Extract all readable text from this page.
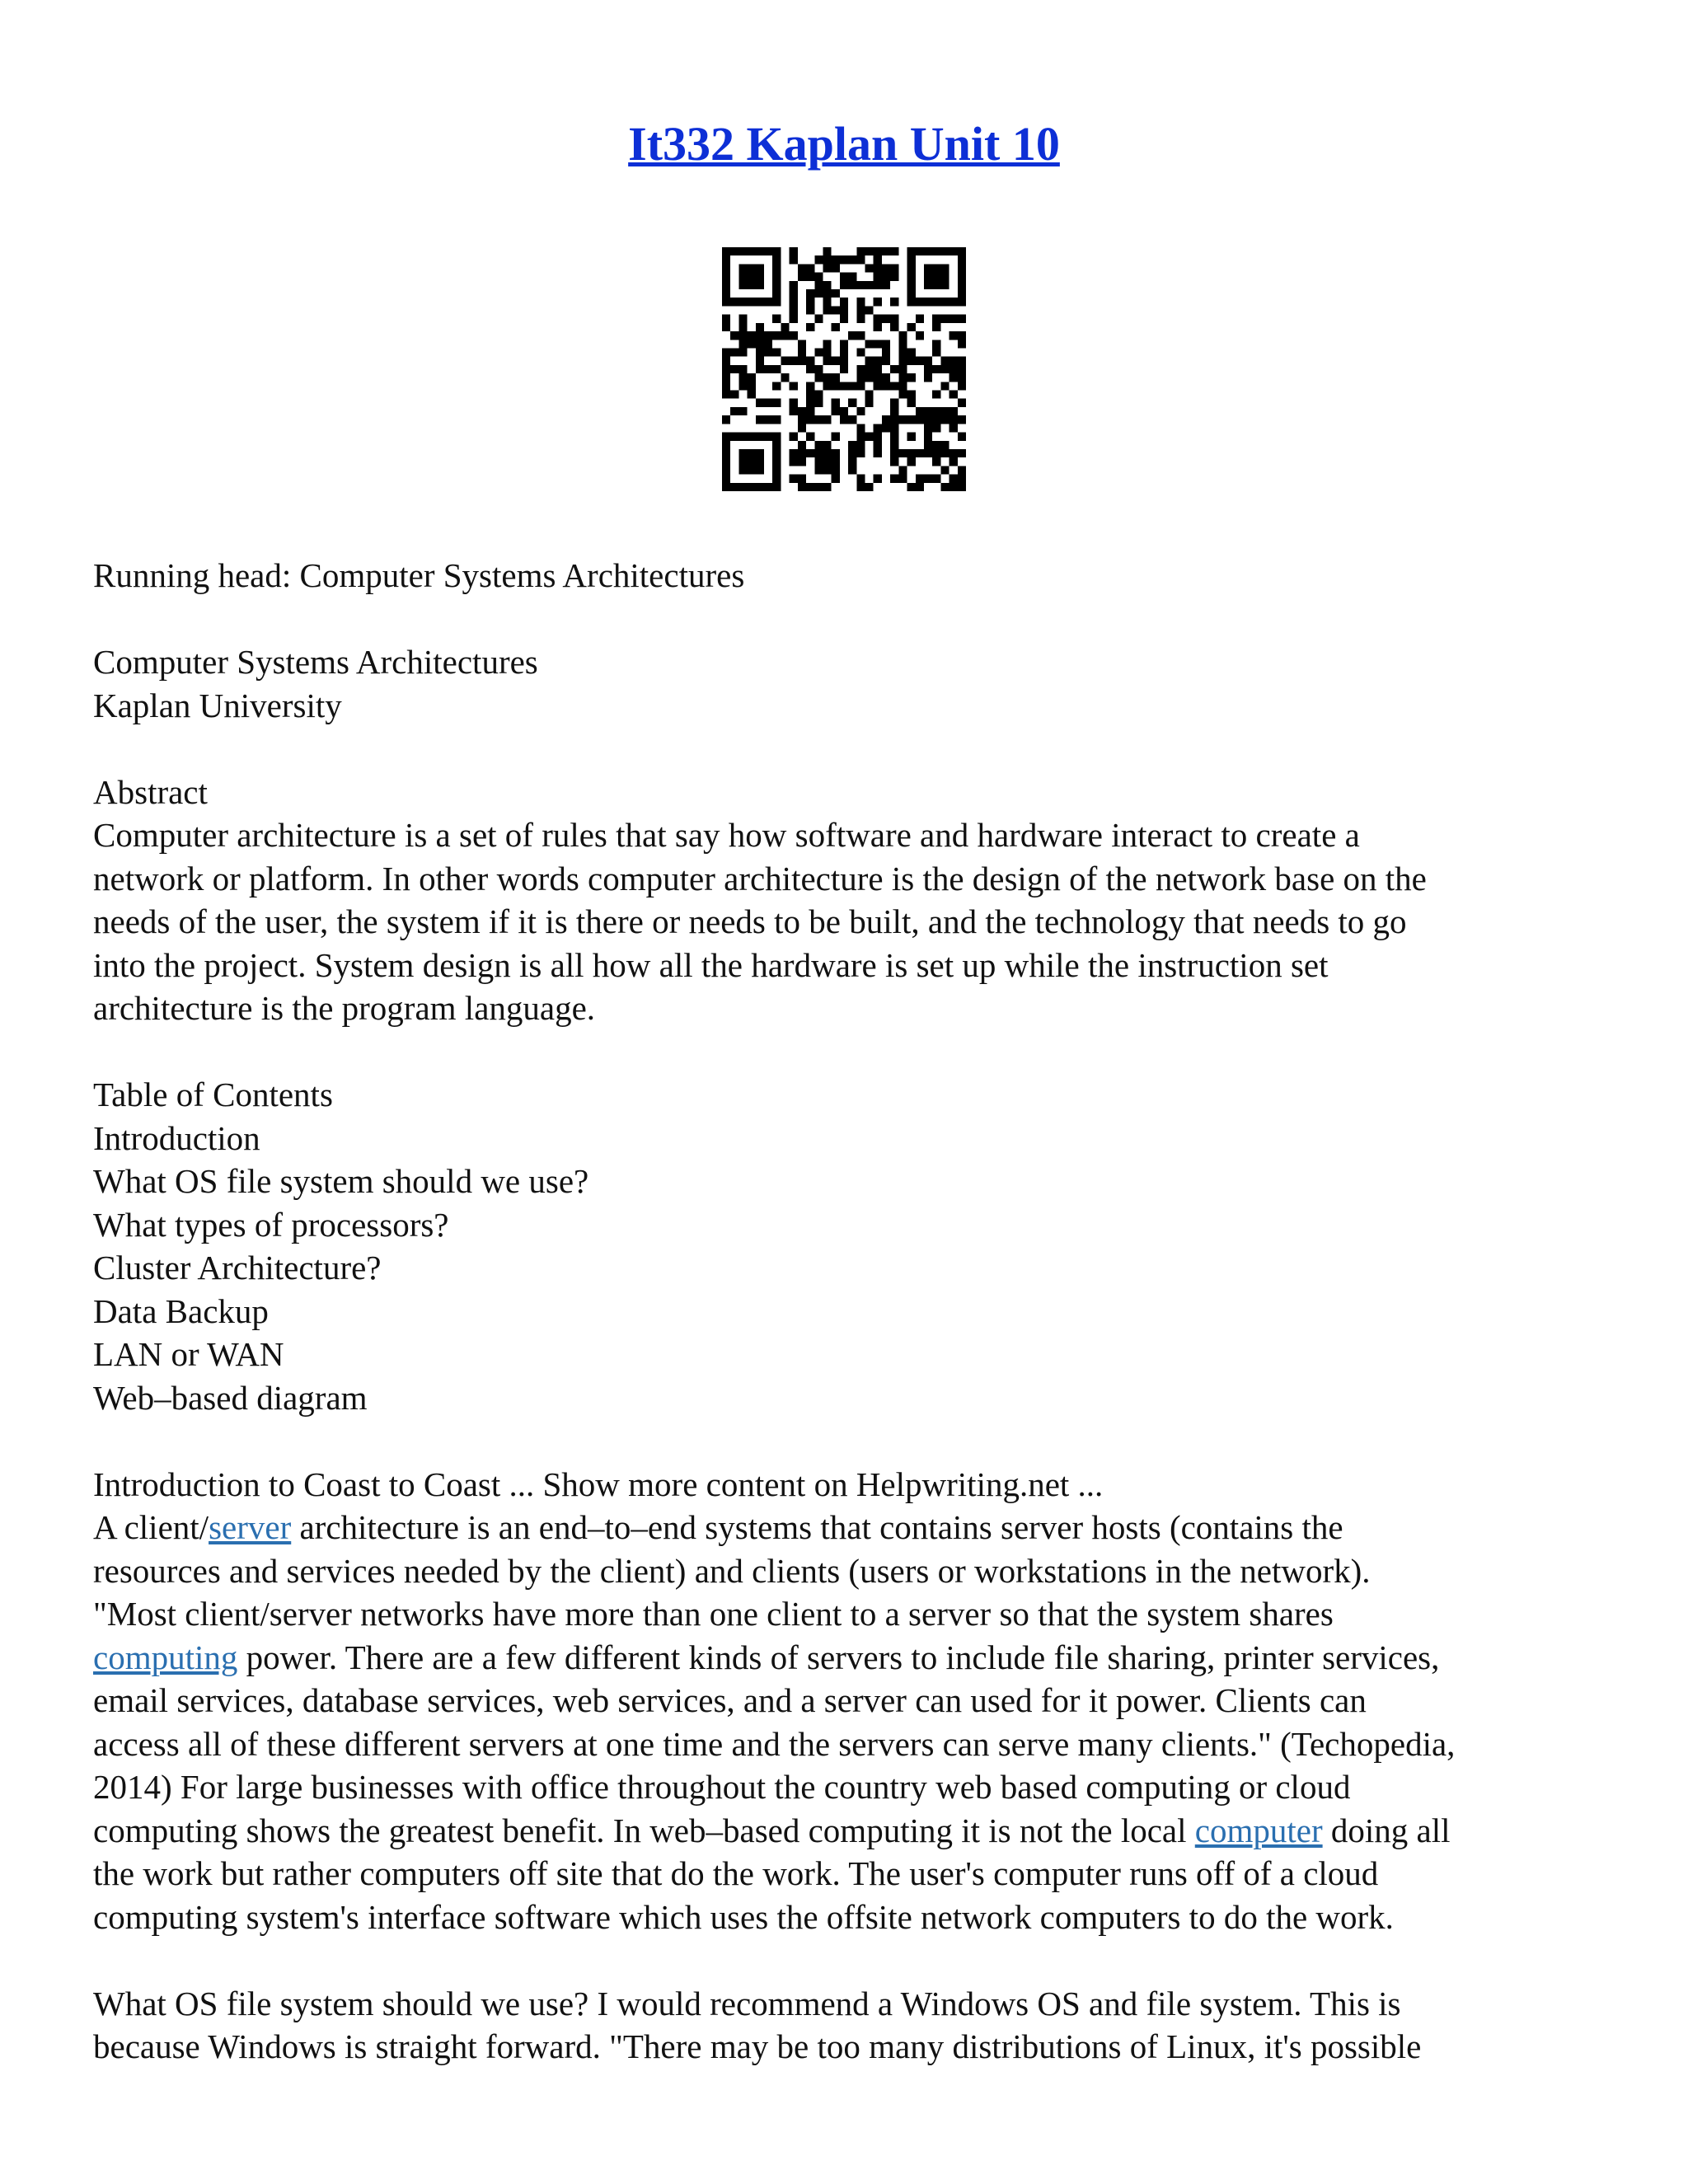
It332 Kaplan Unit 10

Running head: Computer Systems Architectures

Computer Systems Architectures
Kaplan University

Abstract
Computer architecture is a set of rules that say how software and hardware interact to create a
network or platform. In other words computer architecture is the design of the network base on the
needs of the user, the system if it is there or needs to be built, and the technology that needs to go
into the project. System design is all how all the hardware is set up while the instruction set
architecture is the program language.

Table of Contents
Introduction
What OS file system should we use?
What types of processors?
Cluster Architecture?
Data Backup
LAN or WAN
Web–based diagram

Introduction to Coast to Coast ... Show more content on Helpwriting.net ...
A client/server architecture is an end–to–end systems that contains server hosts (contains the
resources and services needed by the client) and clients (users or workstations in the network).
"Most client/server networks have more than one client to a server so that the system shares
computing power. There are a few different kinds of servers to include file sharing, printer services,
email services, database services, web services, and a server can used for it power. Clients can
access all of these different servers at one time and the servers can serve many clients." (Techopedia,
2014) For large businesses with office throughout the country web based computing or cloud
computing shows the greatest benefit. In web–based computing it is not the local computer doing all
the work but rather computers off site that do the work. The user's computer runs off of a cloud
computing system's interface software which uses the offsite network computers to do the work.

What OS file system should we use? I would recommend a Windows OS and file system. This is
because Windows is straight forward. "There may be too many distributions of Linux, it's possible
